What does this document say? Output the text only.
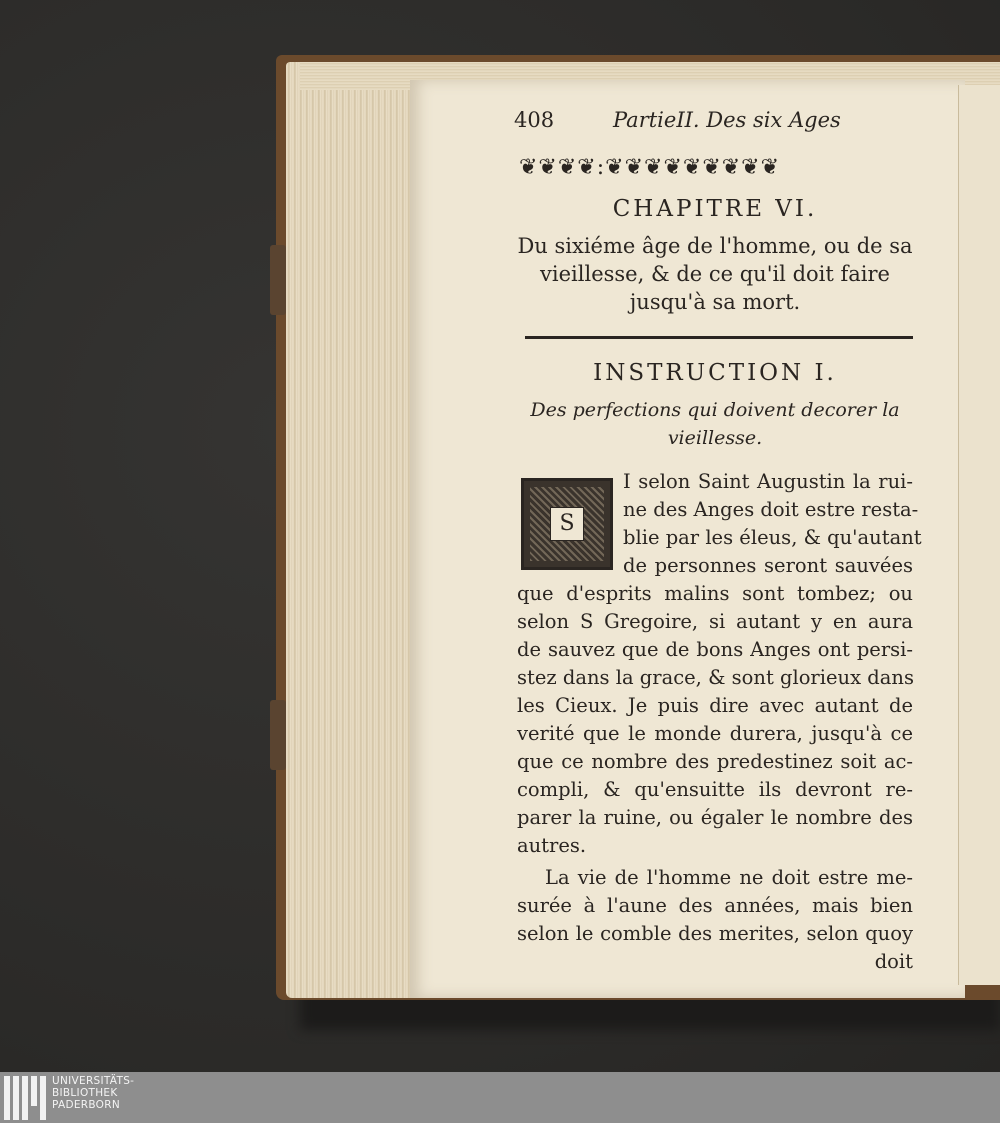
408	PartieII. Des six Ages
❦❦❦❦:❦❦❦❦❦❦❦❦❦
CHAPITRE VI.
Du sixiéme âge de l'homme, ou de sa
vieillesse, & de ce qu'il doit faire
jusqu'à sa mort.
INSTRUCTION I.
Des perfections qui doivent decorer la
vieillesse.
S
I selon Saint Augustin la rui-
ne des Anges doit estre resta-
blie par les éleus, & qu'autant
de personnes seront sauvées
que d'esprits malins sont tombez; ou
selon S Gregoire, si autant y en aura
de sauvez que de bons Anges ont persi-
stez dans la grace, & sont glorieux dans
les Cieux. Je puis dire avec autant de
verité que le monde durera, jusqu'à ce
que ce nombre des predestinez soit ac-
compli, & qu'ensuitte ils devront re-
parer la ruine, ou égaler le nombre des
autres.
La vie de l'homme ne doit estre me-
surée à l'aune des années, mais bien
selon le comble des merites, selon quoy
doit
UNIVERSITÄTS-
BIBLIOTHEK
PADERBORN
